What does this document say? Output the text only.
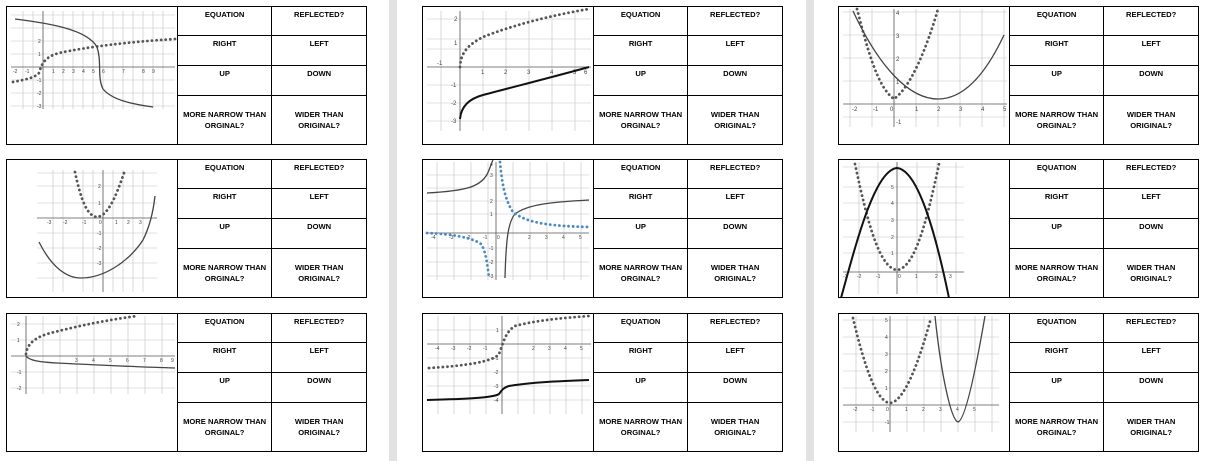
2
1
-2 -1	1 2 3 4 5 6	7	8 9
-1
-2
-3
EQUATION	REFLECTED?
RIGHT	LEFT
UP	DOWN
MORE NARROW THAN
ORGINAL?	WIDER THAN
ORIGINAL?
2
1
-1
1	2	3	4	5 6
-1
-2
-3
EQUATION	REFLECTED?
RIGHT	LEFT
UP	DOWN
MORE NARROW THAN
ORGINAL?	WIDER THAN
ORIGINAL?
4
3
2
1
-2	-1 0	1	2	3	4	5
-1
EQUATION	REFLECTED?
RIGHT	LEFT
UP	DOWN
MORE NARROW THAN
ORGINAL?	WIDER THAN
ORIGINAL?
2
1
-3 -2	-1	0	1 2 3
-1
-2
-3
EQUATION	REFLECTED?
RIGHT	LEFT
UP	DOWN
MORE NARROW THAN
ORGINAL?	WIDER THAN
ORIGINAL?
4
3
2
1
-4	-3	-2	-1 0	2	3	4	5
-1
-2
-3
EQUATION	REFLECTED?
RIGHT	LEFT
UP	DOWN
MORE NARROW THAN
ORGINAL?	WIDER THAN
ORIGINAL?
5
4
3
2
1
-3 -2	-1	0	1	2 3
EQUATION	REFLECTED?
RIGHT	LEFT
UP	DOWN
MORE NARROW THAN
ORGINAL?	WIDER THAN
ORIGINAL?
2
1
3	4	5	6	7	8 9
-1
-2
EQUATION	REFLECTED?
RIGHT	LEFT
UP	DOWN
MORE NARROW THAN
ORGINAL?	WIDER THAN
ORIGINAL?
1
-4 -3 -2 -1	2	3	4	5
-1
-2
-3
-4
EQUATION	REFLECTED?
RIGHT	LEFT
UP	DOWN
MORE NARROW THAN
ORGINAL?	WIDER THAN
ORIGINAL?
5
4
3
2
1
-2	-1 0	1	2	3	4	5
-1
EQUATION	REFLECTED?
RIGHT	LEFT
UP	DOWN
MORE NARROW THAN
ORGINAL?	WIDER THAN
ORIGINAL?
